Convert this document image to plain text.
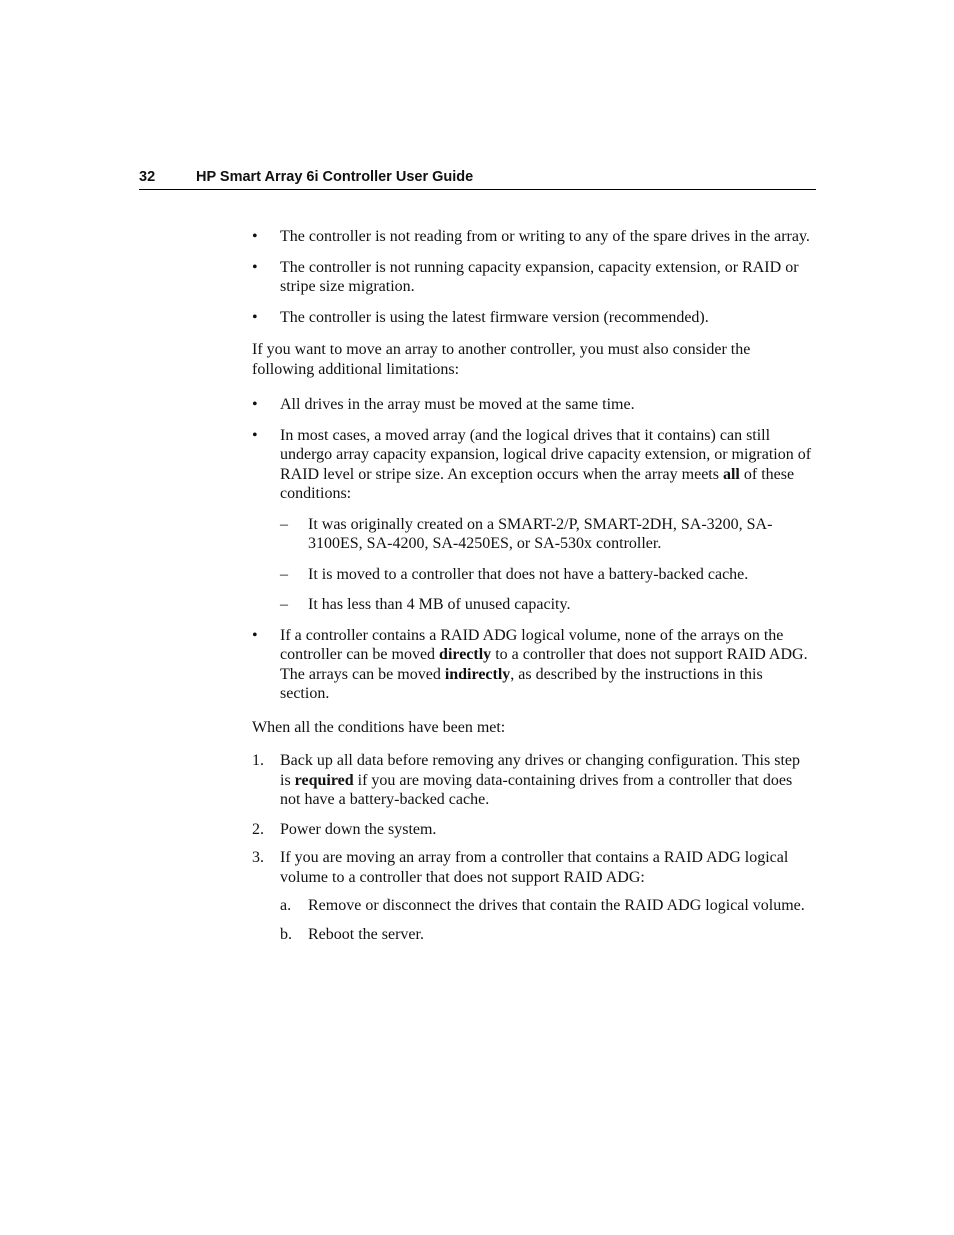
32	HP Smart Array 6i Controller User Guide
• The controller is not reading from or writing to any of the spare drives in the array.
• The controller is not running capacity expansion, capacity extension, or RAID or stripe size migration.
• The controller is using the latest firmware version (recommended).
If you want to move an array to another controller, you must also consider the following additional limitations:
• All drives in the array must be moved at the same time.
• In most cases, a moved array (and the logical drives that it contains) can still undergo array capacity expansion, logical drive capacity extension, or migration of RAID level or stripe size. An exception occurs when the array meets all of these conditions:
– It was originally created on a SMART-2/P, SMART-2DH, SA-3200, SA-3100ES, SA-4200, SA-4250ES, or SA-530x controller.
– It is moved to a controller that does not have a battery-backed cache.
– It has less than 4 MB of unused capacity.
• If a controller contains a RAID ADG logical volume, none of the arrays on the controller can be moved directly to a controller that does not support RAID ADG. The arrays can be moved indirectly, as described by the instructions in this section.
When all the conditions have been met:
1. Back up all data before removing any drives or changing configuration. This step is required if you are moving data-containing drives from a controller that does not have a battery-backed cache.
2. Power down the system.
3. If you are moving an array from a controller that contains a RAID ADG logical volume to a controller that does not support RAID ADG:
a. Remove or disconnect the drives that contain the RAID ADG logical volume.
b. Reboot the server.
